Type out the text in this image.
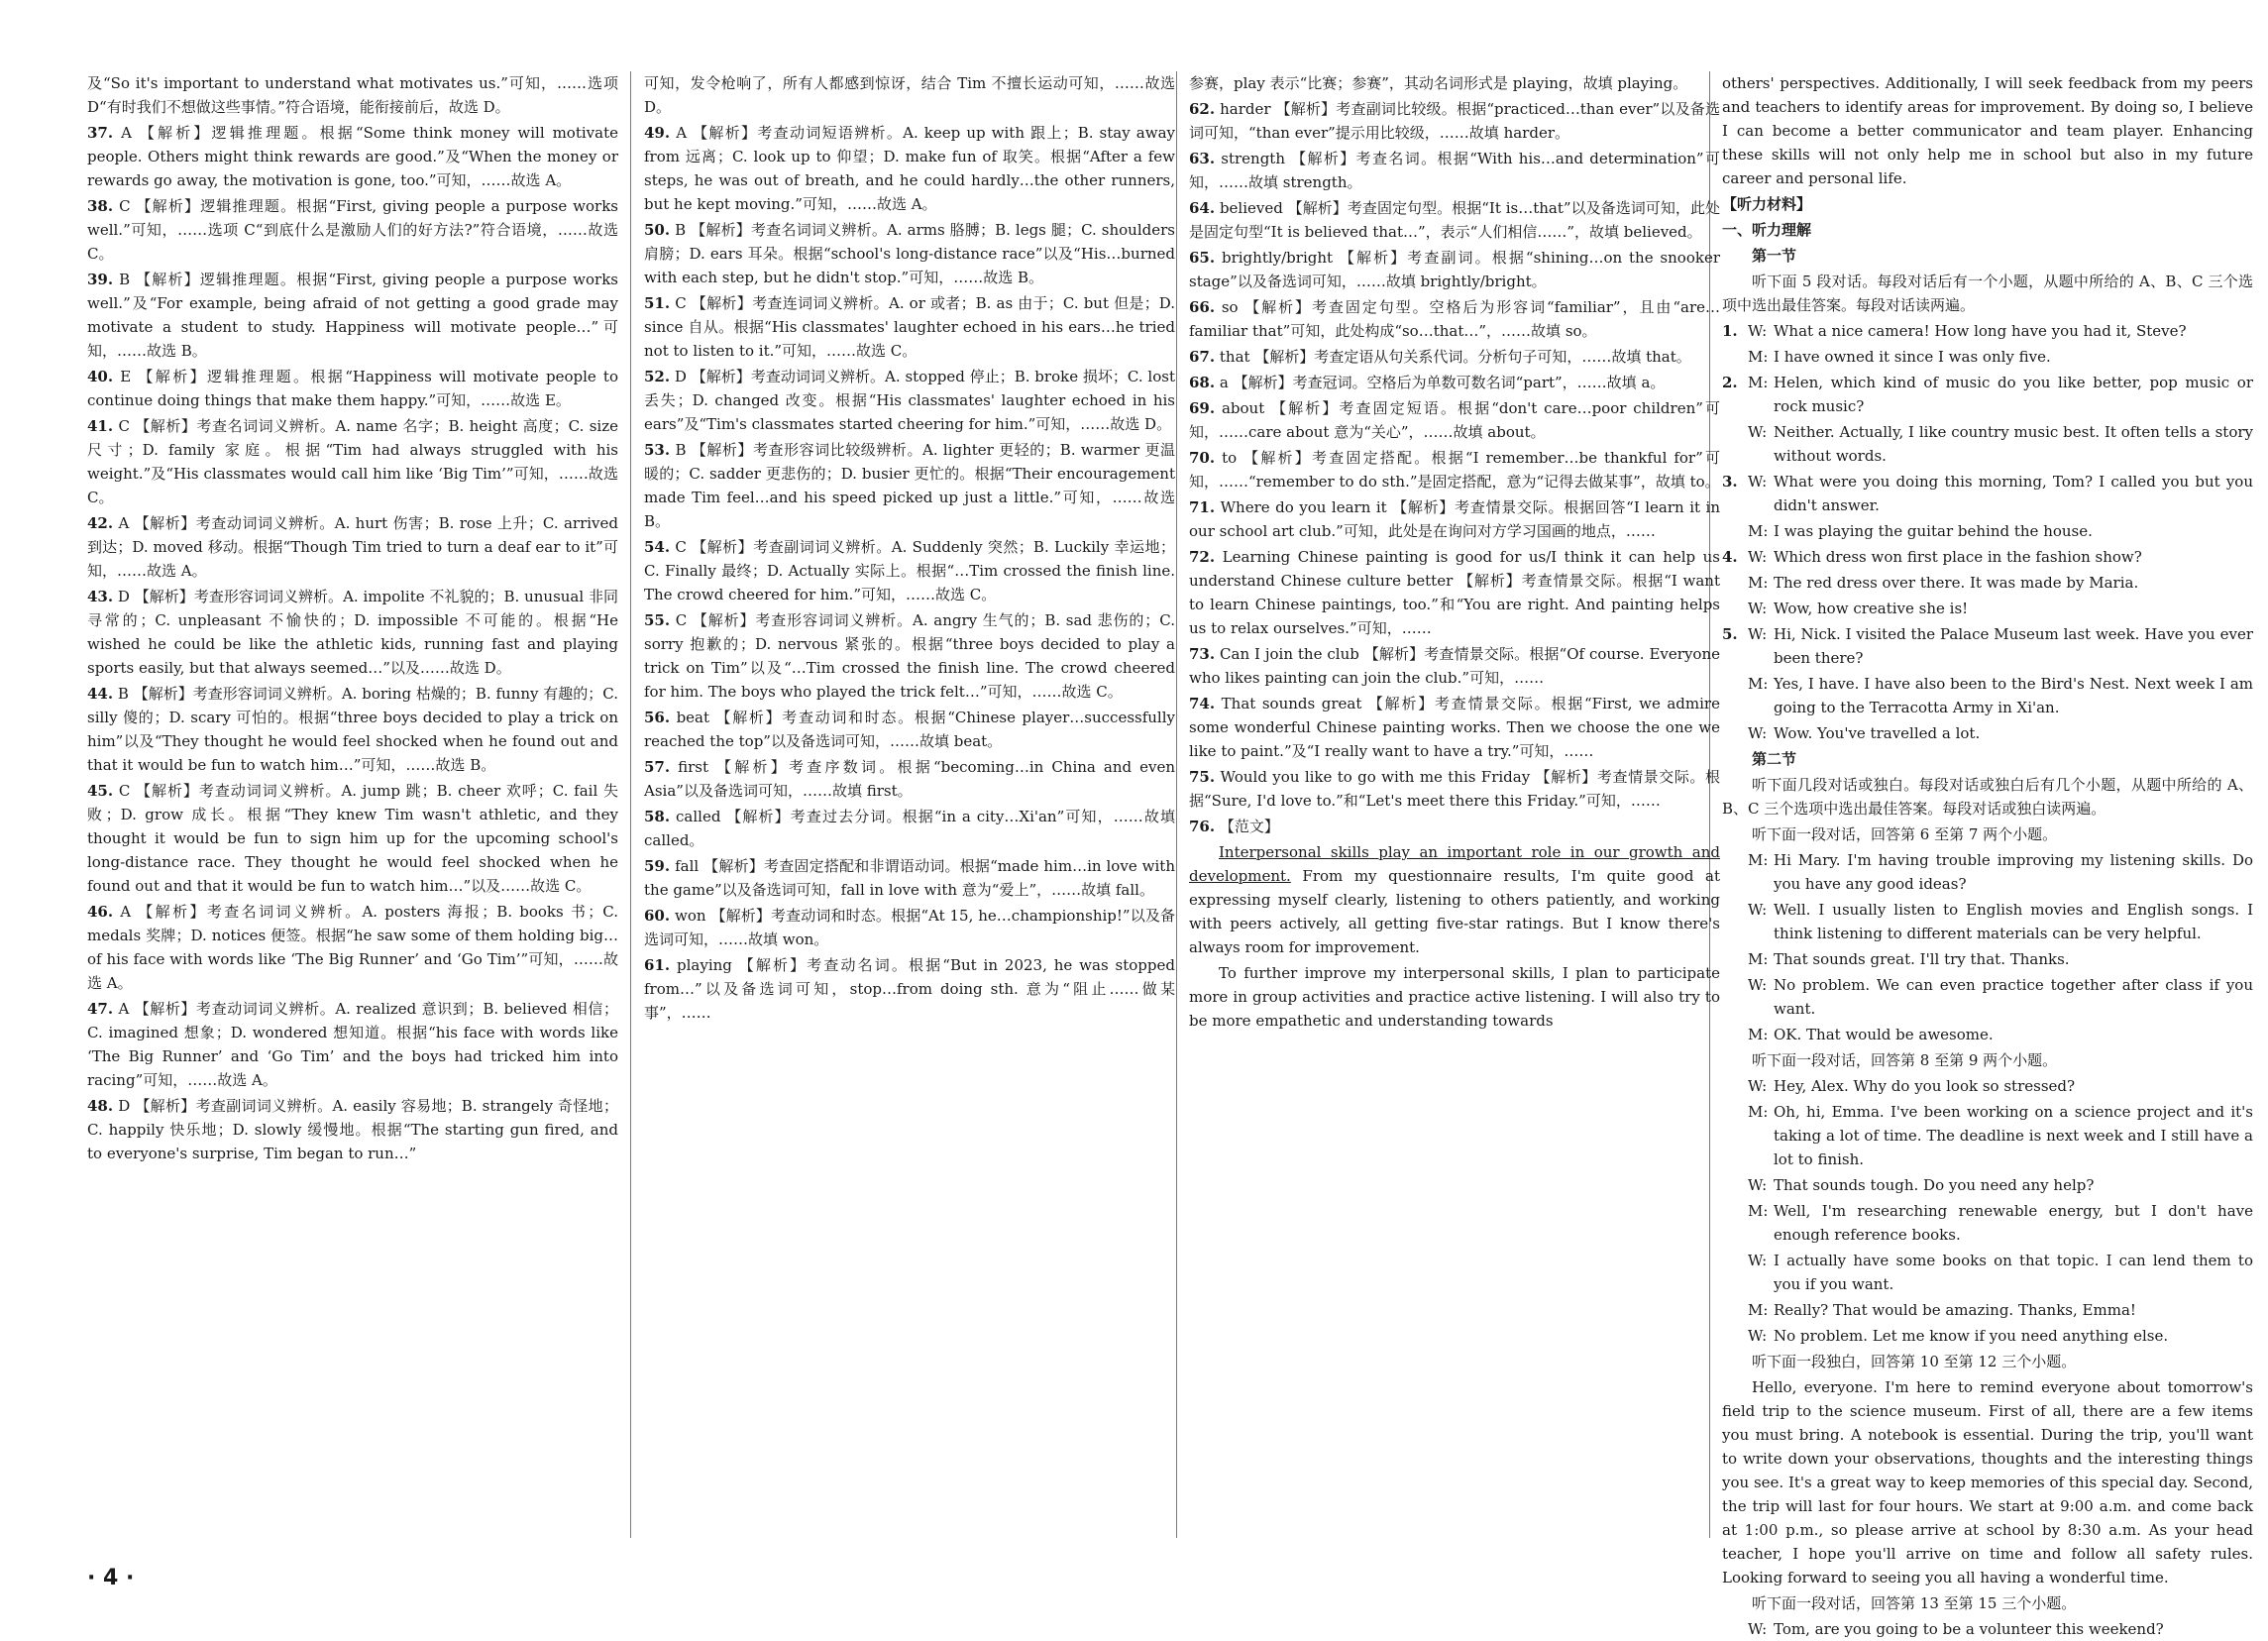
及“So it's important to understand what motivates us.”可知，……选项 D“有时我们不想做这些事情。”符合语境，能衔接前后，故选 D。
37. A 【解析】逻辑推理题。根据“Some think money will motivate people. Others might think rewards are good.”及“When the money or rewards go away, the motivation is gone, too.”可知，……故选 A。
38. C 【解析】逻辑推理题。根据“First, giving people a purpose works well.”可知，……选项 C“到底什么是激励人们的好方法?”符合语境，……故选 C。
39. B 【解析】逻辑推理题。根据“First, giving people a purpose works well.”及“For example, being afraid of not getting a good grade may motivate a student to study. Happiness will motivate people…”可知，……故选 B。
40. E 【解析】逻辑推理题。根据“Happiness will motivate people to continue doing things that make them happy.”可知，……故选 E。
41. C 【解析】考查名词词义辨析。A. name 名字；B. height 高度；C. size 尺寸；D. family 家庭。根据“Tim had always struggled with his weight.”及“His classmates would call him like ‘Big Tim’”可知，……故选 C。
42. A 【解析】考查动词词义辨析。A. hurt 伤害；B. rose 上升；C. arrived 到达；D. moved 移动。根据“Though Tim tried to turn a deaf ear to it”可知，……故选 A。
43. D 【解析】考查形容词词义辨析。A. impolite 不礼貌的；B. unusual 非同寻常的；C. unpleasant 不愉快的；D. impossible 不可能的。根据“He wished he could be like the athletic kids, running fast and playing sports easily, but that always seemed…”以及……故选 D。
44. B 【解析】考查形容词词义辨析。A. boring 枯燥的；B. funny 有趣的；C. silly 傻的；D. scary 可怕的。根据“three boys decided to play a trick on him”以及“They thought he would feel shocked when he found out and that it would be fun to watch him…”可知，……故选 B。
45. C 【解析】考查动词词义辨析。A. jump 跳；B. cheer 欢呼；C. fail 失败；D. grow 成长。根据“They knew Tim wasn't athletic, and they thought it would be fun to sign him up for the upcoming school's long-distance race. They thought he would feel shocked when he found out and that it would be fun to watch him…”以及……故选 C。
46. A 【解析】考查名词词义辨析。A. posters 海报；B. books 书；C. medals 奖牌；D. notices 便签。根据“he saw some of them holding big…of his face with words like ‘The Big Runner’ and ‘Go Tim’”可知，……故选 A。
47. A 【解析】考查动词词义辨析。A. realized 意识到；B. believed 相信；C. imagined 想象；D. wondered 想知道。根据“his face with words like ‘The Big Runner’ and ‘Go Tim’ and the boys had tricked him into racing”可知，……故选 A。
48. D 【解析】考查副词词义辨析。A. easily 容易地；B. strangely 奇怪地；C. happily 快乐地；D. slowly 缓慢地。根据“The starting gun fired, and to everyone's surprise, Tim began to run…”
可知，发令枪响了，所有人都感到惊讶，结合 Tim 不擅长运动可知，……故选 D。
49. A 【解析】考查动词短语辨析。A. keep up with 跟上；B. stay away from 远离；C. look up to 仰望；D. make fun of 取笑。根据“After a few steps, he was out of breath, and he could hardly…the other runners, but he kept moving.”可知，……故选 A。
50. B 【解析】考查名词词义辨析。A. arms 胳膊；B. legs 腿；C. shoulders 肩膀；D. ears 耳朵。根据“school's long-distance race”以及“His…burned with each step, but he didn't stop.”可知，……故选 B。
51. C 【解析】考查连词词义辨析。A. or 或者；B. as 由于；C. but 但是；D. since 自从。根据“His classmates' laughter echoed in his ears…he tried not to listen to it.”可知，……故选 C。
52. D 【解析】考查动词词义辨析。A. stopped 停止；B. broke 损坏；C. lost 丢失；D. changed 改变。根据“His classmates' laughter echoed in his ears”及“Tim's classmates started cheering for him.”可知，……故选 D。
53. B 【解析】考查形容词比较级辨析。A. lighter 更轻的；B. warmer 更温暖的；C. sadder 更悲伤的；D. busier 更忙的。根据“Their encouragement made Tim feel…and his speed picked up just a little.”可知，……故选 B。
54. C 【解析】考查副词词义辨析。A. Suddenly 突然；B. Luckily 幸运地；C. Finally 最终；D. Actually 实际上。根据“…Tim crossed the finish line. The crowd cheered for him.”可知，……故选 C。
55. C 【解析】考查形容词词义辨析。A. angry 生气的；B. sad 悲伤的；C. sorry 抱歉的；D. nervous 紧张的。根据“three boys decided to play a trick on Tim”以及“…Tim crossed the finish line. The crowd cheered for him. The boys who played the trick felt…”可知，……故选 C。
56. beat 【解析】考查动词和时态。根据“Chinese player…successfully reached the top”以及备选词可知，……故填 beat。
57. first 【解析】考查序数词。根据“becoming…in China and even Asia”以及备选词可知，……故填 first。
58. called 【解析】考查过去分词。根据“in a city…Xi'an”可知，……故填 called。
59. fall 【解析】考查固定搭配和非谓语动词。根据“made him…in love with the game”以及备选词可知，fall in love with 意为“爱上”，……故填 fall。
60. won 【解析】考查动词和时态。根据“At 15, he…championship!”以及备选词可知，……故填 won。
61. playing 【解析】考查动名词。根据“But in 2023, he was stopped from…”以及备选词可知，stop…from doing sth. 意为“阻止……做某事”，……
参赛，play 表示“比赛；参赛”，其动名词形式是 playing，故填 playing。
62. harder 【解析】考查副词比较级。根据“practiced…than ever”以及备选词可知，“than ever”提示用比较级，……故填 harder。
63. strength 【解析】考查名词。根据“With his…and determination”可知，……故填 strength。
64. believed 【解析】考查固定句型。根据“It is…that”以及备选词可知，此处是固定句型“It is believed that…”，表示“人们相信……”，故填 believed。
65. brightly/bright 【解析】考查副词。根据“shining…on the snooker stage”以及备选词可知，……故填 brightly/bright。
66. so 【解析】考查固定句型。空格后为形容词“familiar”，且由“are…familiar that”可知，此处构成“so…that…”，……故填 so。
67. that 【解析】考查定语从句关系代词。分析句子可知，……故填 that。
68. a 【解析】考查冠词。空格后为单数可数名词“part”，……故填 a。
69. about 【解析】考查固定短语。根据“don't care…poor children”可知，……care about 意为“关心”，……故填 about。
70. to 【解析】考查固定搭配。根据“I remember…be thankful for”可知，……“remember to do sth.”是固定搭配，意为“记得去做某事”，故填 to。
71. Where do you learn it 【解析】考查情景交际。根据回答“I learn it in our school art club.”可知，此处是在询问对方学习国画的地点，……
72. Learning Chinese painting is good for us/I think it can help us understand Chinese culture better 【解析】考查情景交际。根据“I want to learn Chinese paintings, too.”和“You are right. And painting helps us to relax ourselves.”可知，……
73. Can I join the club 【解析】考查情景交际。根据“Of course. Everyone who likes painting can join the club.”可知，……
74. That sounds great 【解析】考查情景交际。根据“First, we admire some wonderful Chinese painting works. Then we choose the one we like to paint.”及“I really want to have a try.”可知，……
75. Would you like to go with me this Friday 【解析】考查情景交际。根据“Sure, I'd love to.”和“Let's meet there this Friday.”可知，……
76. 【范文】
Interpersonal skills play an important role in our growth and development. From my questionnaire results, I'm quite good at expressing myself clearly, listening to others patiently, and working with peers actively, all getting five-star ratings. But I know there's always room for improvement.
To further improve my interpersonal skills, I plan to participate more in group activities and practice active listening. I will also try to be more empathetic and understanding towards
others' perspectives. Additionally, I will seek feedback from my peers and teachers to identify areas for improvement. By doing so, I believe I can become a better communicator and team player. Enhancing these skills will not only help me in school but also in my future career and personal life.
【听力材料】
一、听力理解
第一节
听下面 5 段对话。每段对话后有一个小题，从题中所给的 A、B、C 三个选项中选出最佳答案。每段对话读两遍。
1. W: What a nice camera! How long have you had it, Steve?
M: I have owned it since I was only five.
2. M: Helen, which kind of music do you like better, pop music or rock music?
W: Neither. Actually, I like country music best. It often tells a story without words.
3. W: What were you doing this morning, Tom? I called you but you didn't answer.
M: I was playing the guitar behind the house.
4. W: Which dress won first place in the fashion show?
M: The red dress over there. It was made by Maria.
W: Wow, how creative she is!
5. W: Hi, Nick. I visited the Palace Museum last week. Have you ever been there?
M: Yes, I have. I have also been to the Bird's Nest. Next week I am going to the Terracotta Army in Xi'an.
W: Wow. You've travelled a lot.
第二节
听下面几段对话或独白。每段对话或独白后有几个小题，从题中所给的 A、B、C 三个选项中选出最佳答案。每段对话或独白读两遍。
听下面一段对话，回答第 6 至第 7 两个小题。
M: Hi Mary. I'm having trouble improving my listening skills. Do you have any good ideas?
W: Well. I usually listen to English movies and English songs. I think listening to different materials can be very helpful.
M: That sounds great. I'll try that. Thanks.
W: No problem. We can even practice together after class if you want.
M: OK. That would be awesome.
听下面一段对话，回答第 8 至第 9 两个小题。
W: Hey, Alex. Why do you look so stressed?
M: Oh, hi, Emma. I've been working on a science project and it's taking a lot of time. The deadline is next week and I still have a lot to finish.
W: That sounds tough. Do you need any help?
M: Well, I'm researching renewable energy, but I don't have enough reference books.
W: I actually have some books on that topic. I can lend them to you if you want.
M: Really? That would be amazing. Thanks, Emma!
W: No problem. Let me know if you need anything else.
听下面一段独白，回答第 10 至第 12 三个小题。
Hello, everyone. I'm here to remind everyone about tomorrow's field trip to the science museum. First of all, there are a few items you must bring. A notebook is essential. During the trip, you'll want to write down your observations, thoughts and the interesting things you see. It's a great way to keep memories of this special day. Second, the trip will last for four hours. We start at 9:00 a.m. and come back at 1:00 p.m., so please arrive at school by 8:30 a.m. As your head teacher, I hope you'll arrive on time and follow all safety rules. Looking forward to seeing you all having a wonderful time.
听下面一段对话，回答第 13 至第 15 三个小题。
W: Tom, are you going to be a volunteer this weekend?
· 4 ·
